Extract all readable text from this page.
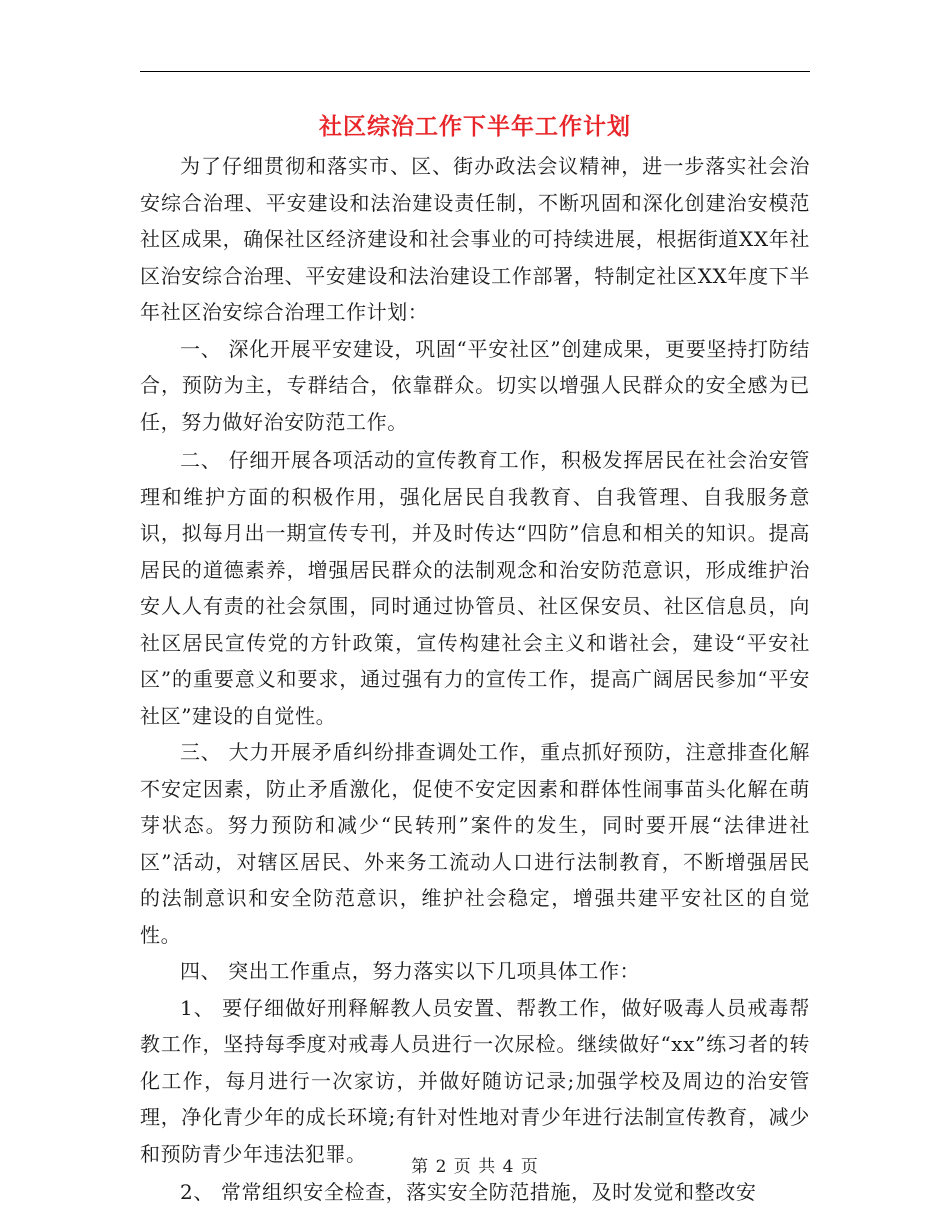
社区综治工作下半年工作计划

为了仔细贯彻和落实市、区、街办政法会议精神，进一步落实社会治安综合治理、平安建设和法治建设责任制，不断巩固和深化创建治安模范社区成果，确保社区经济建设和社会事业的可持续进展，根据街道XX年社区治安综合治理、平安建设和法治建设工作部署，特制定社区XX年度下半年社区治安综合治理工作计划：

一、 深化开展平安建设，巩固“平安社区”创建成果，更要坚持打防结合，预防为主，专群结合，依靠群众。切实以增强人民群众的安全感为已任，努力做好治安防范工作。

二、 仔细开展各项活动的宣传教育工作，积极发挥居民在社会治安管理和维护方面的积极作用，强化居民自我教育、自我管理、自我服务意识，拟每月出一期宣传专刊，并及时传达“四防”信息和相关的知识。提高居民的道德素养，增强居民群众的法制观念和治安防范意识，形成维护治安人人有责的社会氛围，同时通过协管员、社区保安员、社区信息员，向社区居民宣传党的方针政策，宣传构建社会主义和谐社会，建设“平安社区”的重要意义和要求，通过强有力的宣传工作，提高广阔居民参加“平安社区”建设的自觉性。

三、 大力开展矛盾纠纷排查调处工作，重点抓好预防，注意排查化解不安定因素，防止矛盾激化，促使不安定因素和群体性闹事苗头化解在萌芽状态。努力预防和减少“民转刑”案件的发生，同时要开展“法律进社区”活动，对辖区居民、外来务工流动人口进行法制教育，不断增强居民的法制意识和安全防范意识，维护社会稳定，增强共建平安社区的自觉性。

四、 突出工作重点，努力落实以下几项具体工作：

1、 要仔细做好刑释解教人员安置、帮教工作，做好吸毒人员戒毒帮教工作，坚持每季度对戒毒人员进行一次尿检。继续做好“xx”练习者的转化工作，每月进行一次家访，并做好随访记录;加强学校及周边的治安管理，净化青少年的成长环境;有针对性地对青少年进行法制宣传教育，减少和预防青少年违法犯罪。

2、 常常组织安全检查，落实安全防范措施，及时发觉和整改安

第 2 页 共 4 页
